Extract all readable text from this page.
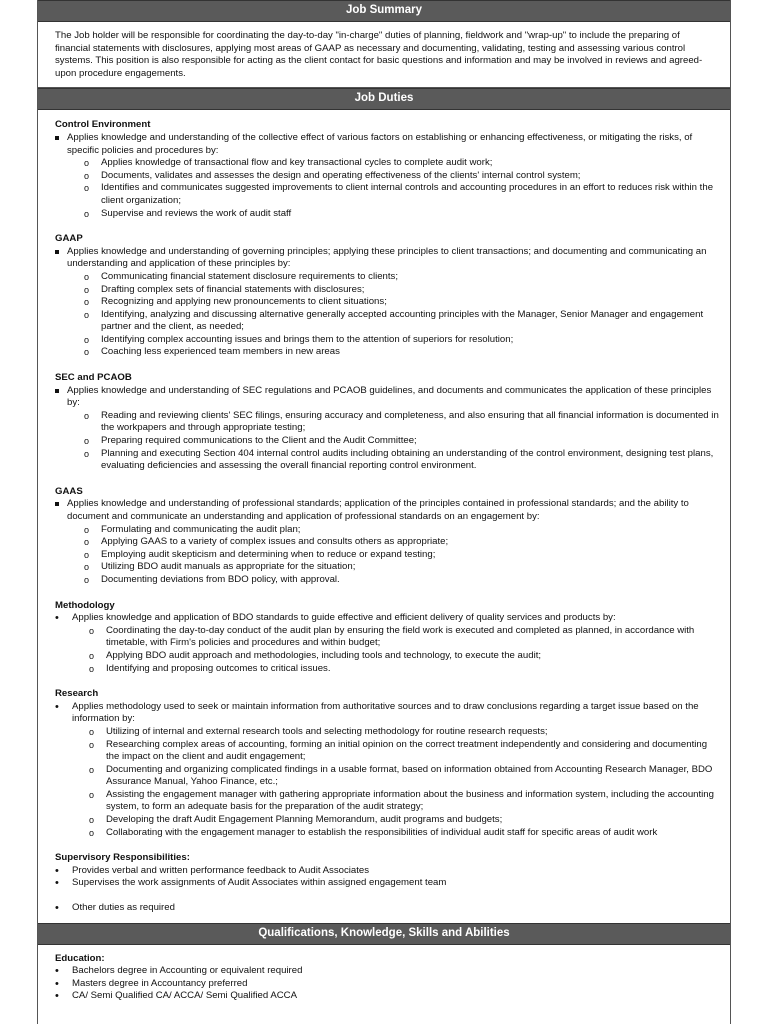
Job Summary
The Job holder will be responsible for coordinating the day-to-day "in-charge" duties of planning, fieldwork and "wrap-up" to include the preparing of financial statements with disclosures, applying most areas of GAAP as necessary and documenting, validating, testing and assessing various control systems. This position is also responsible for acting as the client contact for basic questions and information and may be involved in reviews and agreed-upon procedure engagements.
Job Duties

Control Environment

Applies knowledge and understanding of the collective effect of various factors on establishing or enhancing effectiveness, or mitigating the risks, of specific policies and procedures by:
o Applies knowledge of transactional flow and key transactional cycles to complete audit work;
o Documents, validates and assesses the design and operating effectiveness of the clients' internal control system;
o Identifies and communicates suggested improvements to client internal controls and accounting procedures in an effort to reduces risk within the client organization;
o Supervise and reviews the work of audit staff

GAAP

Applies knowledge and understanding of governing principles; applying these principles to client transactions; and documenting and communicating an understanding and application of these principles by:
o Communicating financial statement disclosure requirements to clients;
o Drafting complex sets of financial statements with disclosures;
o Recognizing and applying new pronouncements to client situations;
o Identifying, analyzing and discussing alternative generally accepted accounting principles with the Manager, Senior Manager and engagement partner and the client, as needed;
o Identifying complex accounting issues and brings them to the attention of superiors for resolution;
o Coaching less experienced team members in new areas

SEC and PCAOB

Applies knowledge and understanding of SEC regulations and PCAOB guidelines, and documents and communicates the application of these principles by:
o Reading and reviewing clients' SEC filings, ensuring accuracy and completeness, and also ensuring that all financial information is documented in the workpapers and through appropriate testing;
o Preparing required communications to the Client and the Audit Committee;
o Planning and executing Section 404 internal control audits including obtaining an understanding of the control environment, designing test plans, evaluating deficiencies and assessing the overall financial reporting control environment.

GAAS

Applies knowledge and understanding of professional standards; application of the principles contained in professional standards; and the ability to document and communicate an understanding and application of professional standards on an engagement by:
o Formulating and communicating the audit plan;
o Applying GAAS to a variety of complex issues and consults others as appropriate;
o Employing audit skepticism and determining when to reduce or expand testing;
o Utilizing BDO audit manuals as appropriate for the situation;
o Documenting deviations from BDO policy, with approval.

Methodology

• Applies knowledge and application of BDO standards to guide effective and efficient delivery of quality services and products by:
o Coordinating the day-to-day conduct of the audit plan by ensuring the field work is executed and completed as planned, in accordance with timetable, with Firm's policies and procedures and within budget;
o Applying BDO audit approach and methodologies, including tools and technology, to execute the audit;
o Identifying and proposing outcomes to critical issues.

Research

• Applies methodology used to seek or maintain information from authoritative sources and to draw conclusions regarding a target issue based on the information by:
o Utilizing of internal and external research tools and selecting methodology for routine research requests;
o Researching complex areas of accounting, forming an initial opinion on the correct treatment independently and considering and documenting the impact on the client and audit engagement;
o Documenting and organizing complicated findings in a usable format, based on information obtained from Accounting Research Manager, BDO Assurance Manual, Yahoo Finance, etc.;
o Assisting the engagement manager with gathering appropriate information about the business and information system, including the accounting system, to form an adequate basis for the preparation of the audit strategy;
o Developing the draft Audit Engagement Planning Memorandum, audit programs and budgets;
o Collaborating with the engagement manager to establish the responsibilities of individual audit staff for specific areas of audit work

Supervisory Responsibilities:

• Provides verbal and written performance feedback to Audit Associates
• Supervises the work assignments of Audit Associates within assigned engagement team
• Other duties as required
Qualifications, Knowledge, Skills and Abilities

Education:

• Bachelors degree in Accounting or equivalent required
• Masters degree in Accountancy preferred
• CA/ Semi Qualified CA/ ACCA/ Semi Qualified ACCA
